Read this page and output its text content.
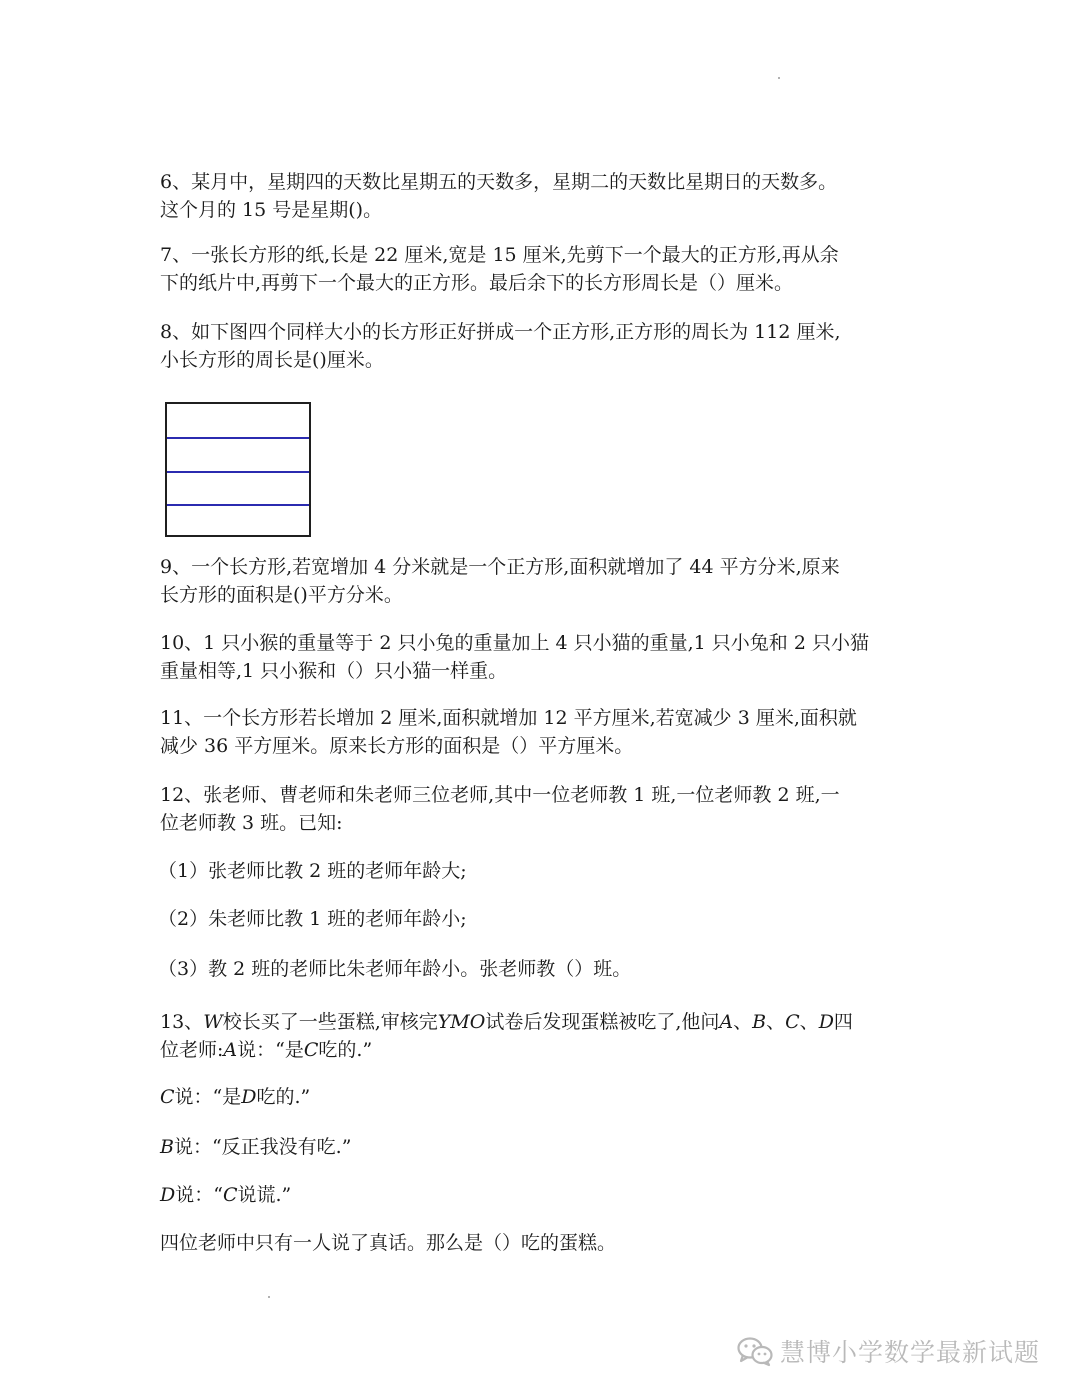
6、某月中，星期四的天数比星期五的天数多，星期二的天数比星期日的天数多。

这个月的 15 号是星期()。

7、一张长方形的纸,长是 22 厘米,宽是 15 厘米,先剪下一个最大的正方形,再从余

下的纸片中,再剪下一个最大的正方形。最后余下的长方形周长是（）厘米。

8、如下图四个同样大小的长方形正好拼成一个正方形,正方形的周长为 112 厘米,

小长方形的周长是()厘米。

9、一个长方形,若宽增加 4 分米就是一个正方形,面积就增加了 44 平方分米,原来

长方形的面积是()平方分米。

10、1 只小猴的重量等于 2 只小兔的重量加上 4 只小猫的重量,1 只小兔和 2 只小猫

重量相等,1 只小猴和（）只小猫一样重。

11、一个长方形若长增加 2 厘米,面积就增加 12 平方厘米,若宽减少 3 厘米,面积就

减少 36 平方厘米。原来长方形的面积是（）平方厘米。

12、张老师、曹老师和朱老师三位老师,其中一位老师教 1 班,一位老师教 2 班,一

位老师教 3 班。已知:

（1）张老师比教 2 班的老师年龄大;

（2）朱老师比教 1 班的老师年龄小;

（3）教 2 班的老师比朱老师年龄小。张老师教（）班。

13、W校长买了一些蛋糕,审核完YMO试卷后发现蛋糕被吃了,他问A、B、C、D四

位老师:A说：“是C吃的.”

C说：“是D吃的.”

B说：“反正我没有吃.”

D说：“C说谎.”

四位老师中只有一人说了真话。那么是（）吃的蛋糕。

慧博小学数学最新试题
